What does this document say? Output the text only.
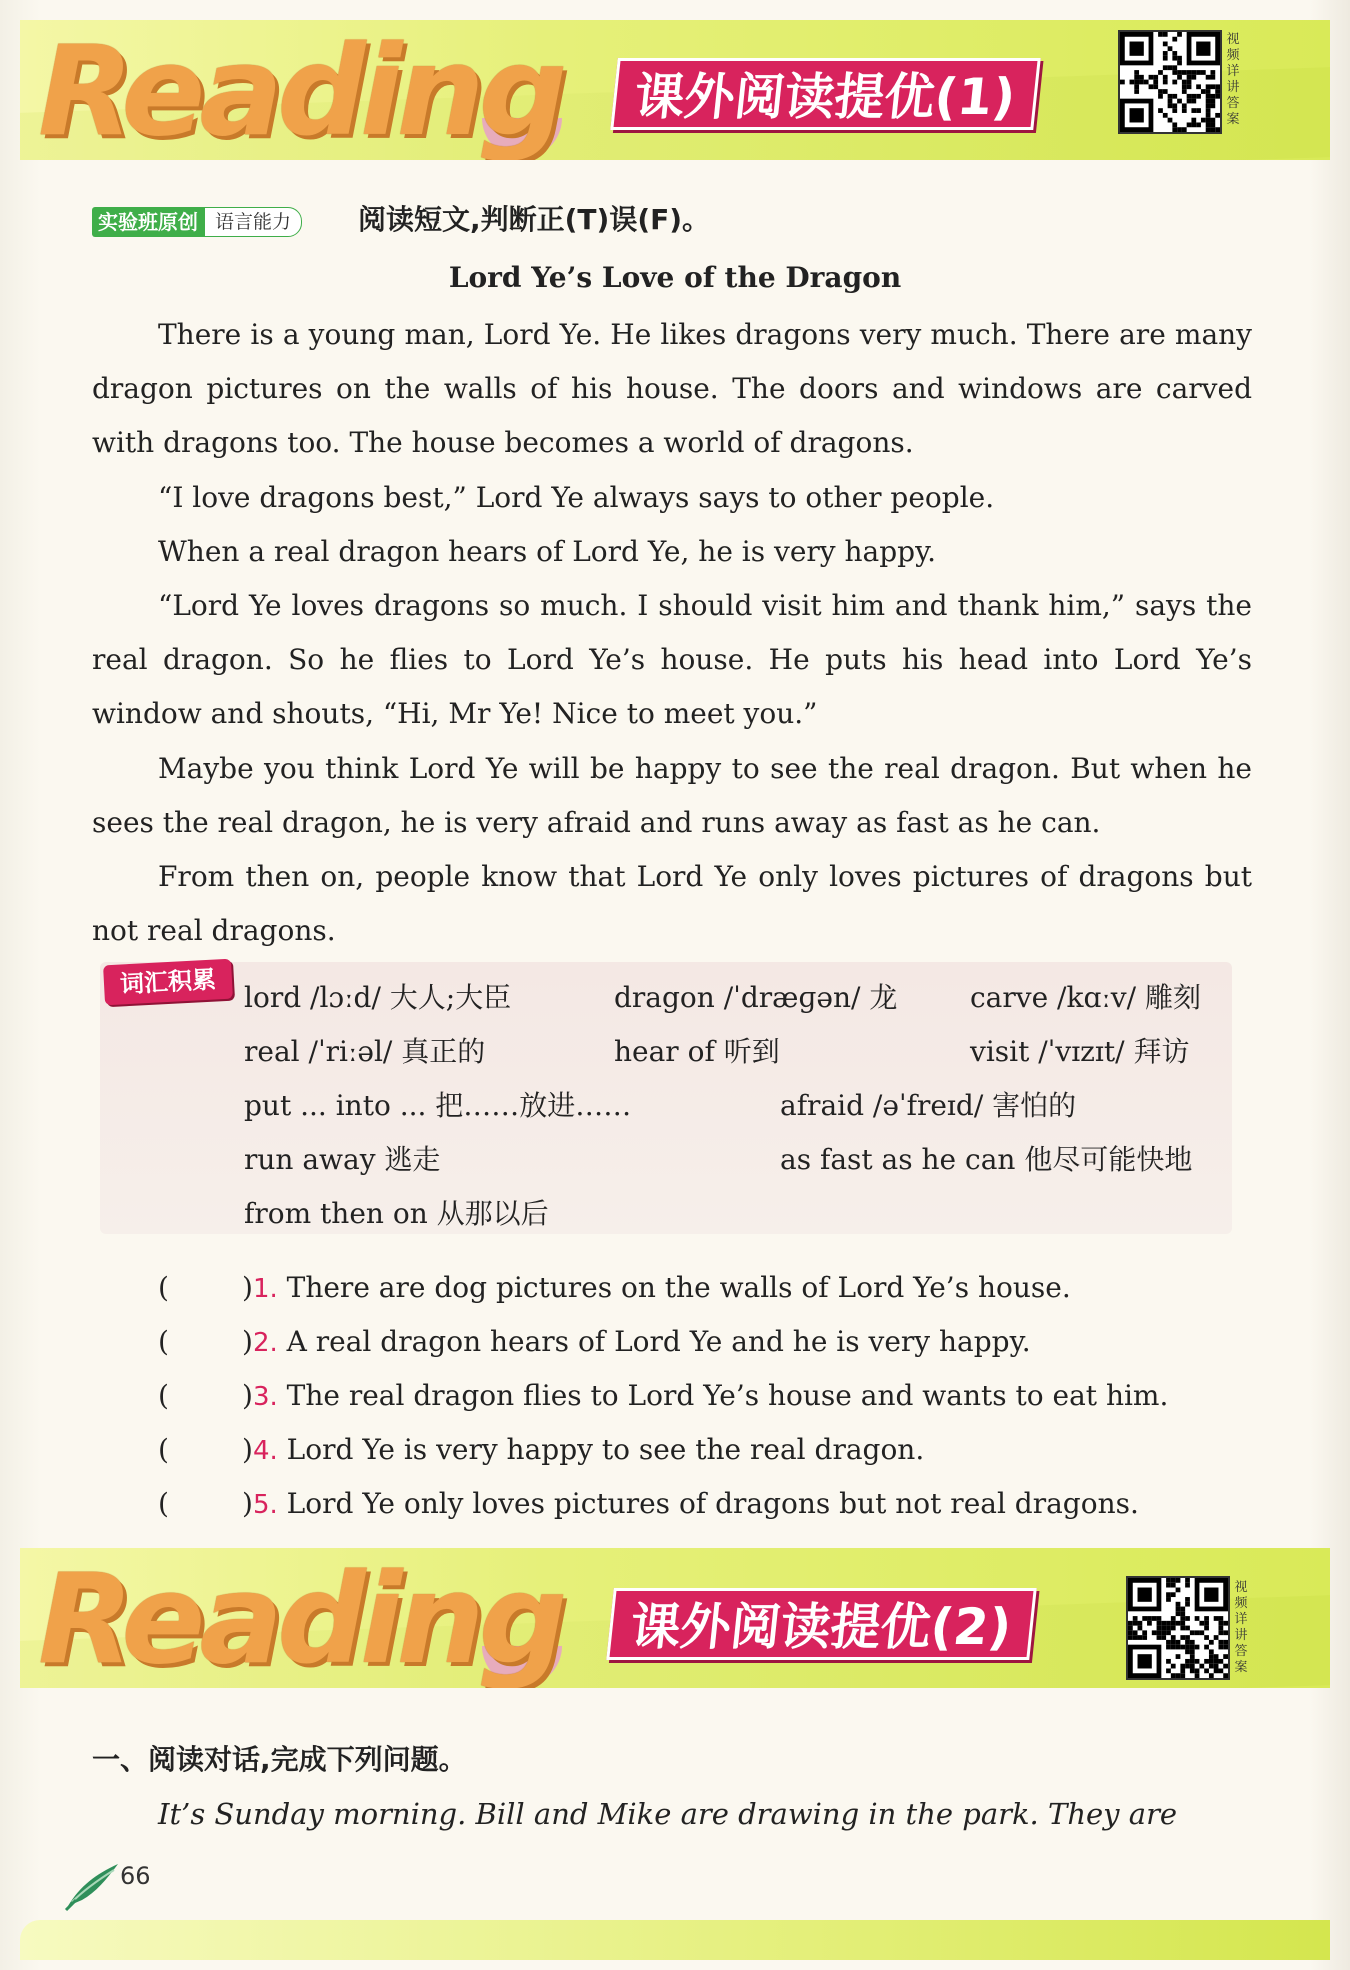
Reading	课外阅读提优(1)
视
频
详
讲
答
案
实验班原创 语言能力	阅读短文,判断正(T)误(F)。
Lord Ye’s Love of the Dragon

There is a young man, Lord Ye. He likes dragons very much. There are many dragon pictures on the walls of his house. The doors and windows are carved with dragons too. The house becomes a world of dragons.

“I love dragons best,” Lord Ye always says to other people.

When a real dragon hears of Lord Ye, he is very happy.

“Lord Ye loves dragons so much. I should visit him and thank him,” says the real dragon. So he flies to Lord Ye’s house. He puts his head into Lord Ye’s window and shouts, “Hi, Mr Ye! Nice to meet you.”

Maybe you think Lord Ye will be happy to see the real dragon. But when he sees the real dragon, he is very afraid and runs away as fast as he can.

From then on, people know that Lord Ye only loves pictures of dragons but not real dragons.

词汇积累 lord /lɔːd/ 大人;大臣	dragon /ˈdræɡən/ 龙	carve /kɑːv/ 雕刻
real /ˈriːəl/ 真正的	hear of 听到	visit /ˈvɪzɪt/ 拜访
put ... into ... 把……放进……	afraid /əˈfreɪd/ 害怕的
run away 逃走	as fast as he can 他尽可能快地
from then on 从那以后
(	)1. There are dog pictures on the walls of Lord Ye’s house.
(	)2. A real dragon hears of Lord Ye and he is very happy.
(	)3. The real dragon flies to Lord Ye’s house and wants to eat him.
(	)4. Lord Ye is very happy to see the real dragon.
(	)5. Lord Ye only loves pictures of dragons but not real dragons.
Reading	课外阅读提优(2)
视
频
详
讲
答
案
一、阅读对话,完成下列问题。
It’s Sunday morning. Bill and Mike are drawing in the park. They are
66
